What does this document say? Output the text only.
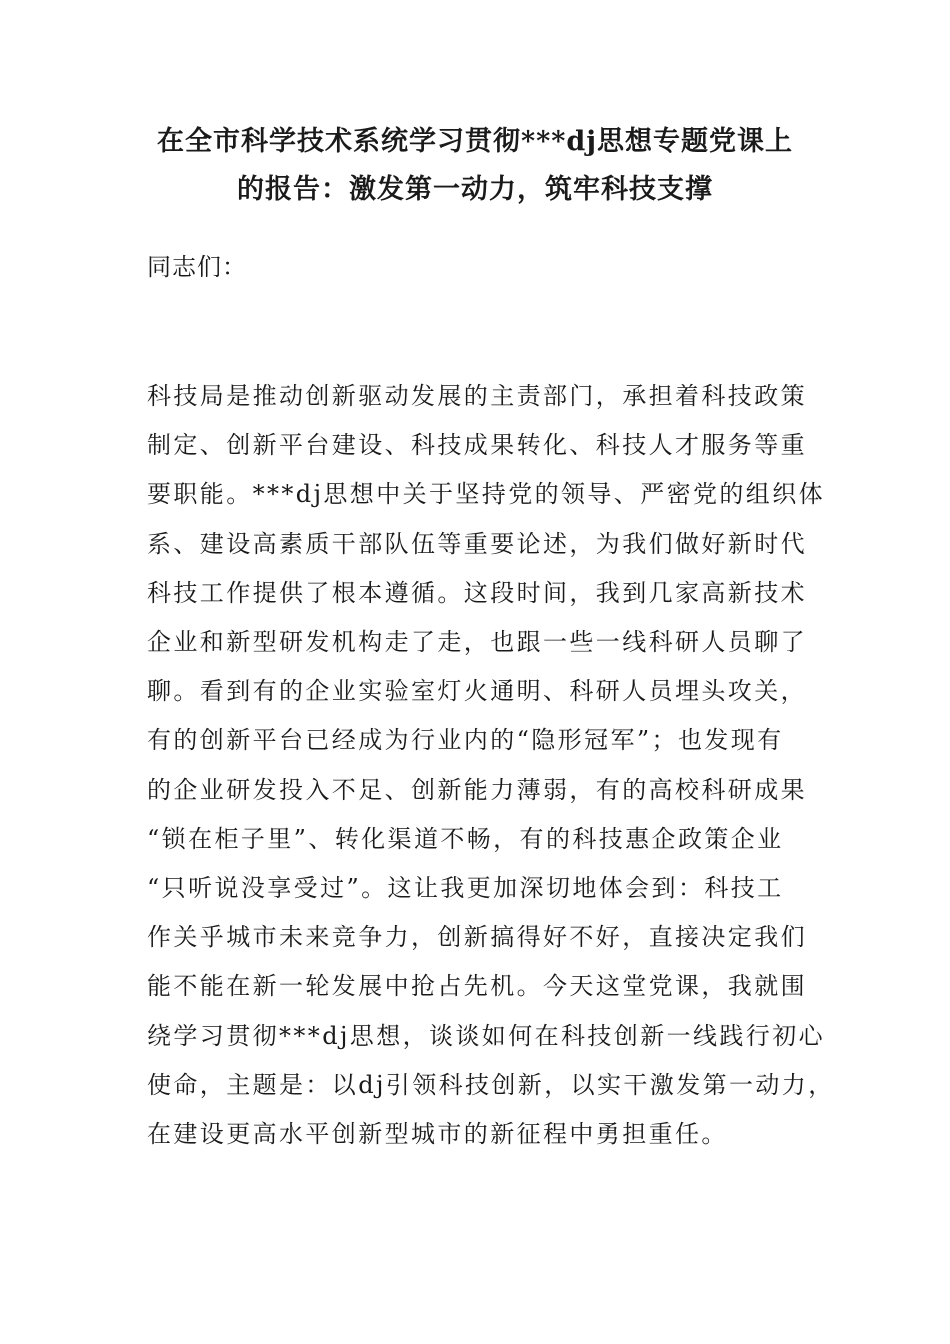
在全市科学技术系统学习贯彻***dj思想专题党课上
的报告：激发第一动力，筑牢科技支撑

同志们：

科技局是推动创新驱动发展的主责部门，承担着科技政策
制定、创新平台建设、科技成果转化、科技人才服务等重
要职能。***dj思想中关于坚持党的领导、严密党的组织体
系、建设高素质干部队伍等重要论述，为我们做好新时代
科技工作提供了根本遵循。这段时间，我到几家高新技术
企业和新型研发机构走了走，也跟一些一线科研人员聊了
聊。看到有的企业实验室灯火通明、科研人员埋头攻关，
有的创新平台已经成为行业内的“隐形冠军”；也发现有
的企业研发投入不足、创新能力薄弱，有的高校科研成果
“锁在柜子里”、转化渠道不畅，有的科技惠企政策企业
“只听说没享受过”。这让我更加深切地体会到：科技工
作关乎城市未来竞争力，创新搞得好不好，直接决定我们
能不能在新一轮发展中抢占先机。今天这堂党课，我就围
绕学习贯彻***dj思想，谈谈如何在科技创新一线践行初心
使命，主题是：以dj引领科技创新，以实干激发第一动力，
在建设更高水平创新型城市的新征程中勇担重任。
